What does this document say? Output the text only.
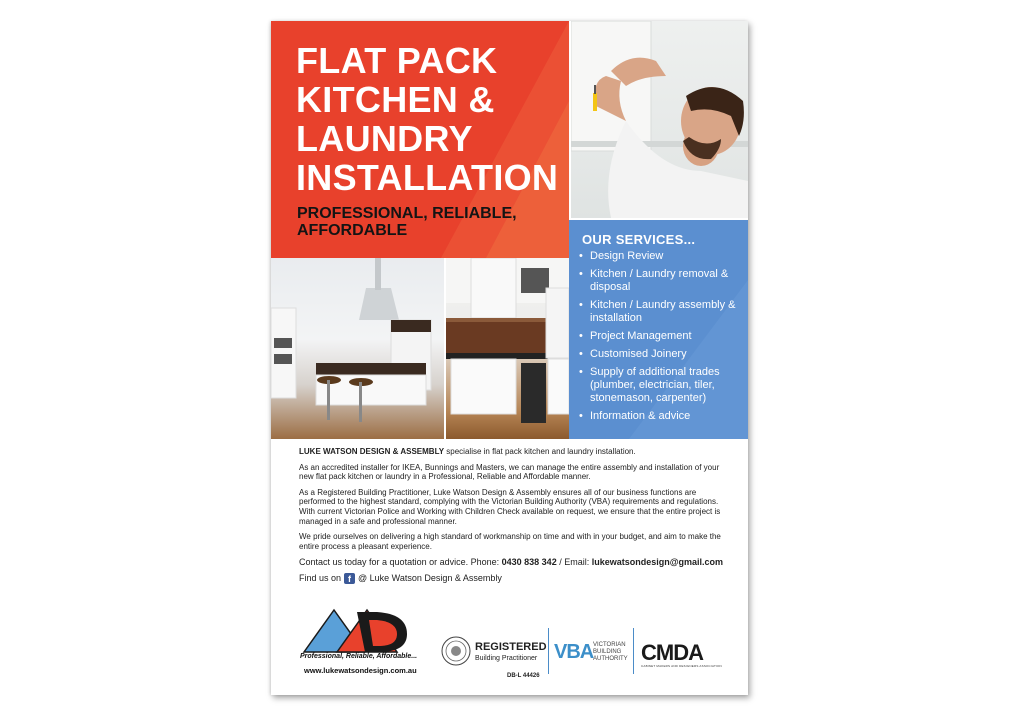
FLAT PACK
KITCHEN &
LAUNDRY
INSTALLATION
PROFESSIONAL, RELIABLE,
AFFORDABLE
OUR SERVICES...
• Design Review
• Kitchen / Laundry removal & disposal
• Kitchen / Laundry assembly & installation
• Project Management
• Customised Joinery
• Supply of additional trades (plumber, electrician, tiler, stonemason, carpenter)
• Information & advice

LUKE WATSON DESIGN & ASSEMBLY specialise in flat pack kitchen and laundry installation.

As an accredited installer for IKEA, Bunnings and Masters, we can manage the entire assembly and installation of your new flat pack kitchen or laundry in a Professional, Reliable and Affordable manner.

As a Registered Building Practitioner, Luke Watson Design & Assembly ensures all of our business functions are performed to the highest standard, complying with the Victorian Building Authority (VBA) requirements and regulations. With current Victorian Police and Working with Children Check available on request, we ensure that the entire project is managed in a safe and professional manner.

We pride ourselves on delivering a high standard of workmanship on time and with in your budget, and aim to make the entire process a pleasant experience.

Contact us today for a quotation or advice. Phone: 0430 838 342 / Email: lukewatsondesign@gmail.com

Find us on f @ Luke Watson Design & Assembly
Professional, Reliable, Affordable...
www.lukewatsondesign.com.au
REGISTERED
Building Practitioner
DB-L 44426
VBA VICTORIAN
BUILDING
AUTHORITY CMDA
CABINET MAKERS AND DESIGNERS ASSOCIATION
